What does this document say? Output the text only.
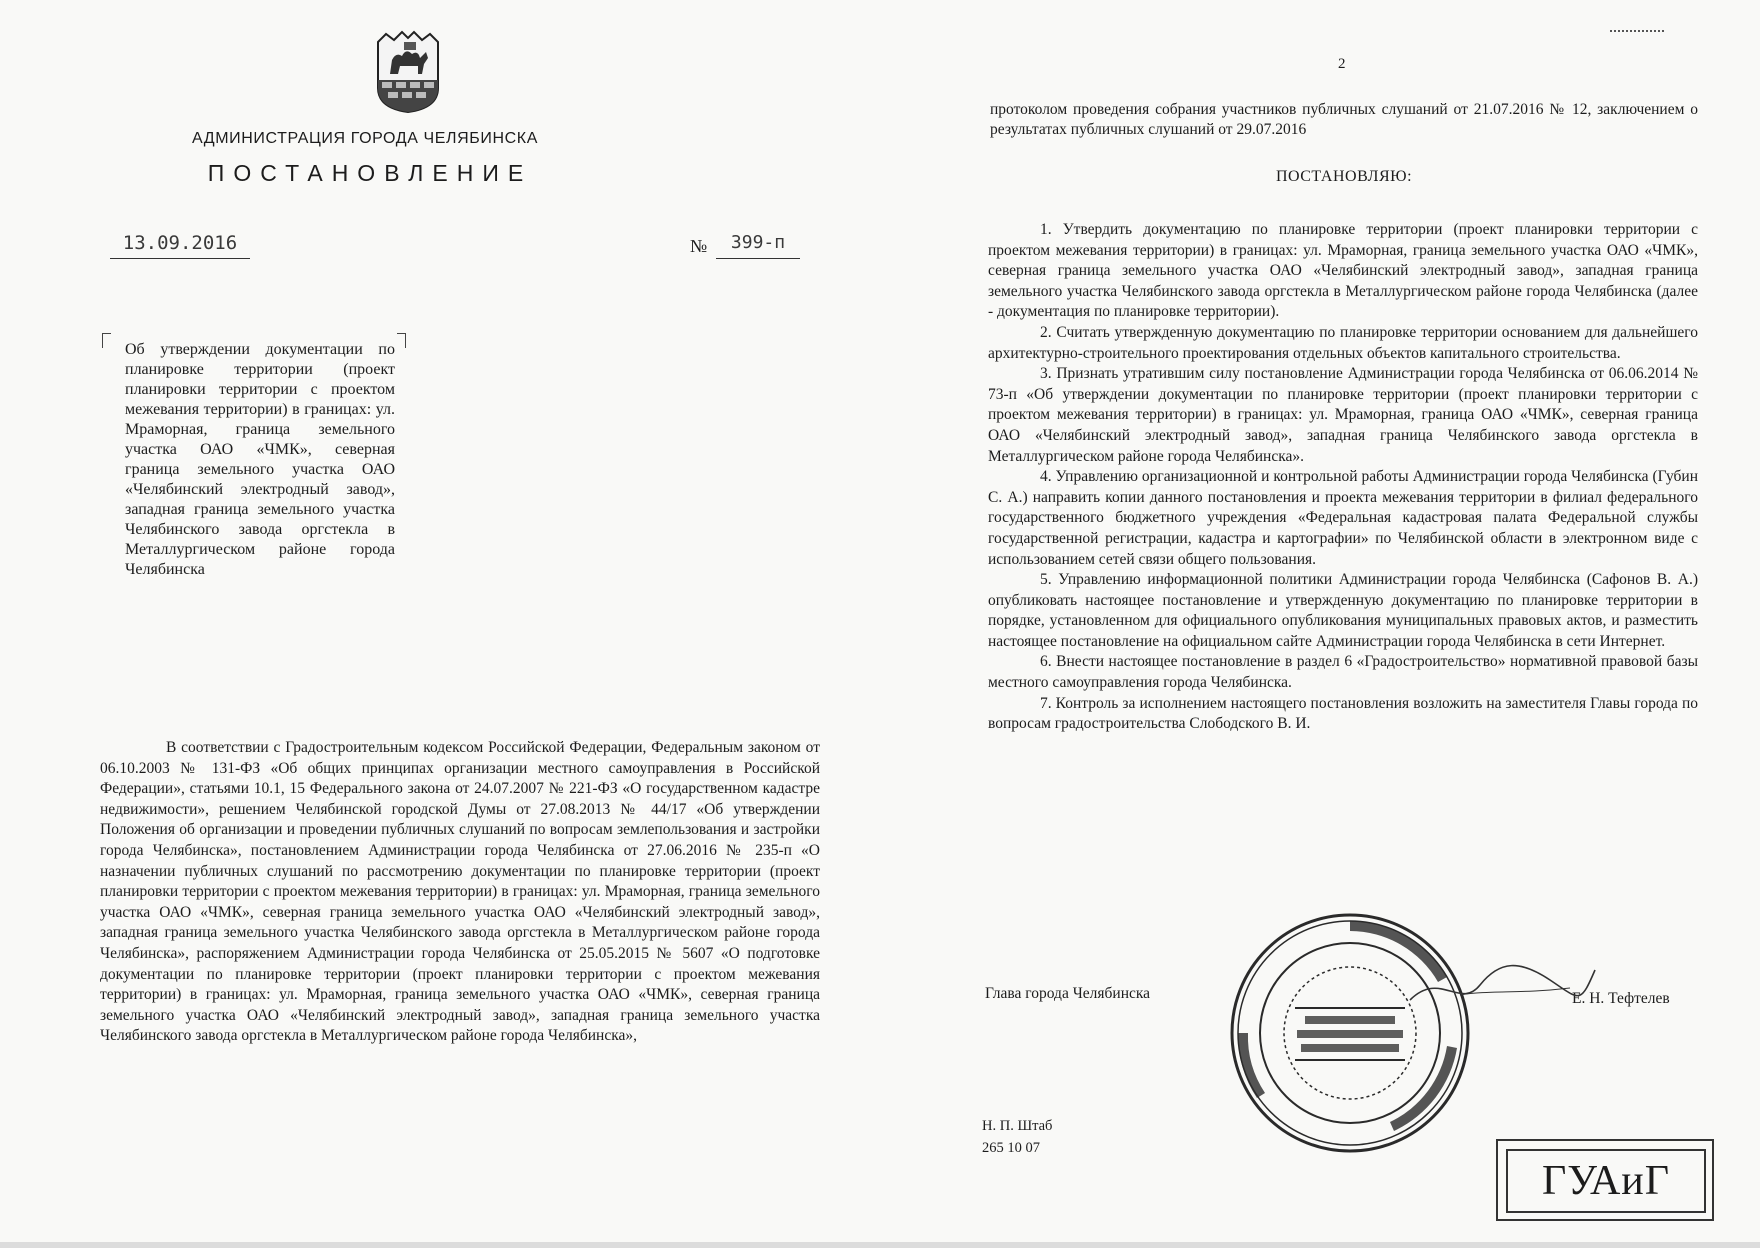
АДМИНИСТРАЦИЯ ГОРОДА ЧЕЛЯБИНСКА
ПОСТАНОВЛЕНИЕ
13.09.2016	№	399-п
Об утверждении документации по планировке территории (проект планировки территории с проектом межевания территории) в границах: ул. Мраморная, граница земельного участка ОАО «ЧМК», северная граница земельного участка ОАО «Челябинский электродный завод», западная граница земельного участка Челябинского завода оргстекла в Металлургическом районе города Челябинска
В соответствии с Градостроительным кодексом Российской Федерации, Федеральным законом от 06.10.2003 № 131-ФЗ «Об общих принципах организации местного самоуправления в Российской Федерации», статьями 10.1, 15 Федерального закона от 24.07.2007 № 221-ФЗ «О государственном кадастре недвижимости», решением Челябинской городской Думы от 27.08.2013 № 44/17 «Об утверждении Положения об организации и проведении публичных слушаний по вопросам землепользования и застройки города Челябинска», постановлением Администрации города Челябинска от 27.06.2016 № 235-п «О назначении публичных слушаний по рассмотрению документации по планировке территории (проект планировки территории с проектом межевания территории) в границах: ул. Мраморная, граница земельного участка ОАО «ЧМК», северная граница земельного участка ОАО «Челябинский электродный завод», западная граница земельного участка Челябинского завода оргстекла в Металлургическом районе города Челябинска», распоряжением Администрации города Челябинска от 25.05.2015 № 5607 «О подготовке документации по планировке территории (проект планировки территории с проектом межевания территории) в границах: ул. Мраморная, граница земельного участка ОАО «ЧМК», северная граница земельного участка ОАО «Челябинский электродный завод», западная граница земельного участка Челябинского завода оргстекла в Металлургическом районе города Челябинска»,
2
протоколом проведения собрания участников публичных слушаний от 21.07.2016 № 12, заключением о результатах публичных слушаний от 29.07.2016
ПОСТАНОВЛЯЮ:

1. Утвердить документацию по планировке территории (проект планировки территории с проектом межевания территории) в границах: ул. Мраморная, граница земельного участка ОАО «ЧМК», северная граница земельного участка ОАО «Челябинский электродный завод», западная граница земельного участка Челябинского завода оргстекла в Металлургическом районе города Челябинска (далее - документация по планировке территории).

2. Считать утвержденную документацию по планировке территории основанием для дальнейшего архитектурно-строительного проектирования отдельных объектов капитального строительства.

3. Признать утратившим силу постановление Администрации города Челябинска от 06.06.2014 № 73-п «Об утверждении документации по планировке территории (проект планировки территории с проектом межевания территории) в границах: ул. Мраморная, граница ОАО «ЧМК», северная граница ОАО «Челябинский электродный завод», западная граница Челябинского завода оргстекла в Металлургическом районе города Челябинска».

4. Управлению организационной и контрольной работы Администрации города Челябинска (Губин С. А.) направить копии данного постановления и проекта межевания территории в филиал федерального государственного бюджетного учреждения «Федеральная кадастровая палата Федеральной службы государственной регистрации, кадастра и картографии» по Челябинской области в электронном виде с использованием сетей связи общего пользования.

5. Управлению информационной политики Администрации города Челябинска (Сафонов В. А.) опубликовать настоящее постановление и утвержденную документацию по планировке территории в порядке, установленном для официального опубликования муниципальных правовых актов, и разместить настоящее постановление на официальном сайте Администрации города Челябинска в сети Интернет.

6. Внести настоящее постановление в раздел 6 «Градостроительство» нормативной правовой базы местного самоуправления города Челябинска.

7. Контроль за исполнением настоящего постановления возложить на заместителя Главы города по вопросам градостроительства Слободского В. И.

Глава города Челябинска	Е. Н. Тефтелев
Н. П. Штаб
265 10 07
ГУАиГ
